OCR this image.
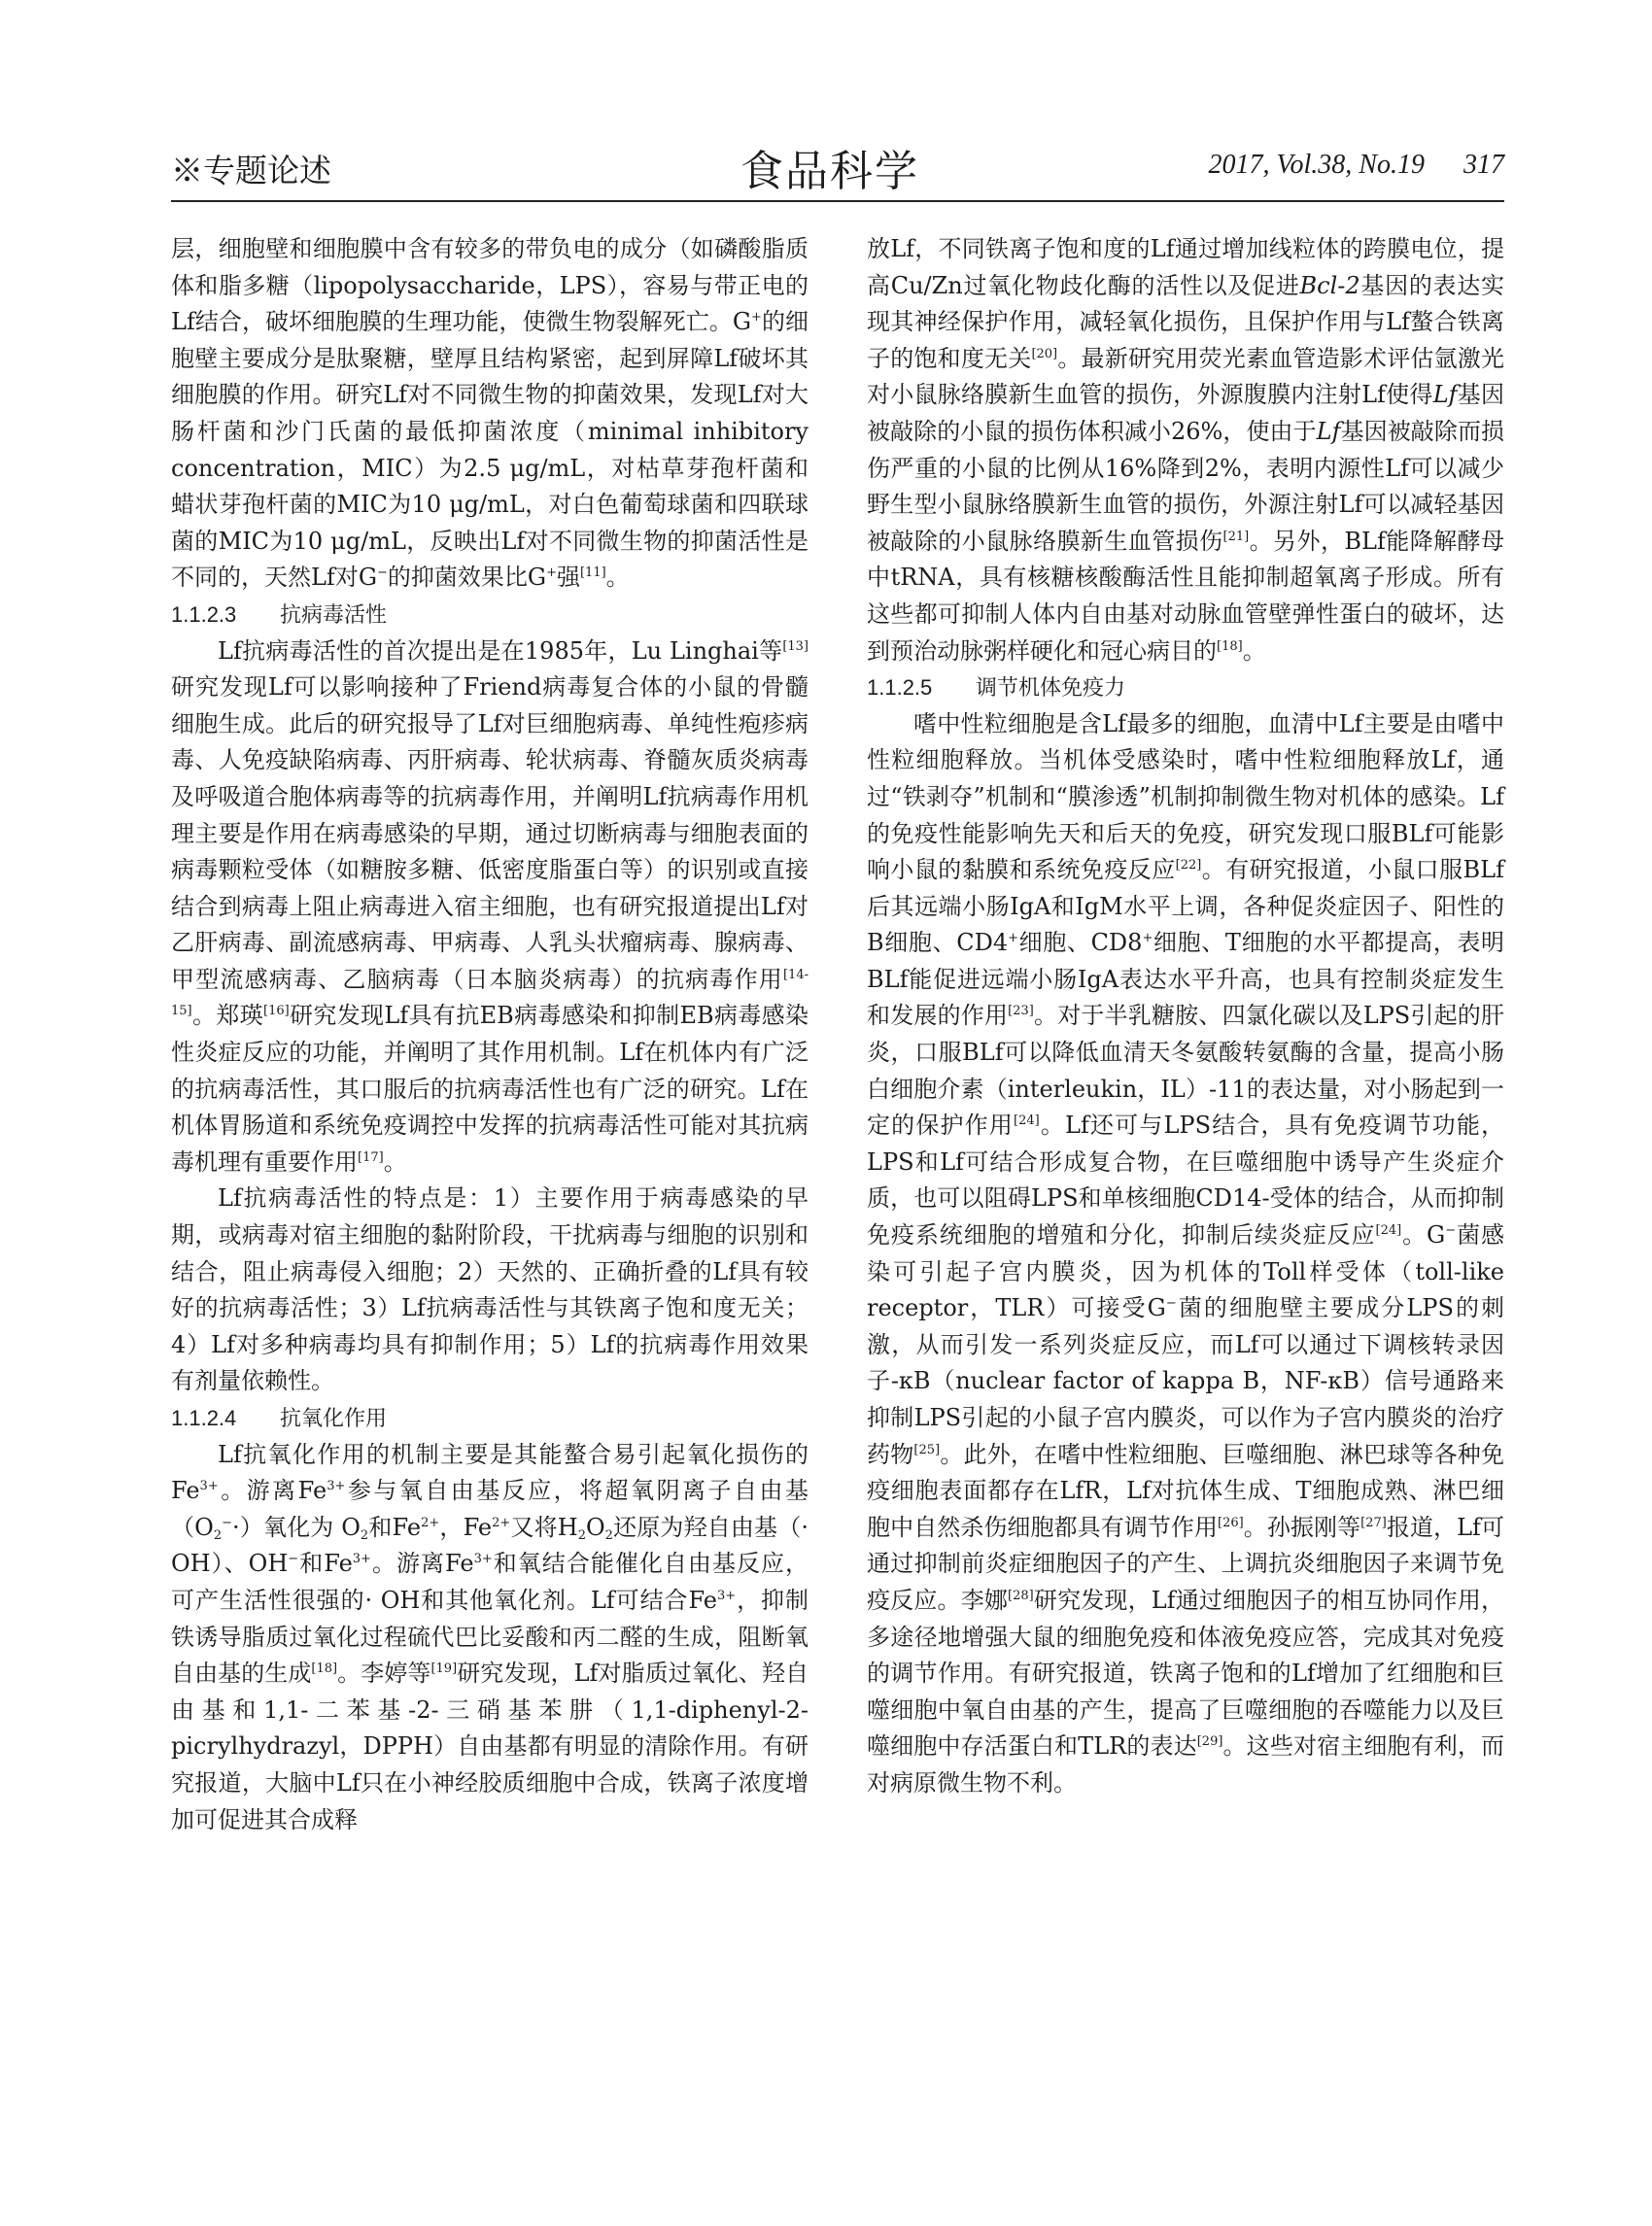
※专题论述	食品科学	2017, Vol.38, No.19 317

层，细胞壁和细胞膜中含有较多的带负电的成分（如磷酸脂质体和脂多糖（lipopolysaccharide，LPS），容易与带正电的Lf结合，破坏细胞膜的生理功能，使微生物裂解死亡。G+的细胞壁主要成分是肽聚糖，壁厚且结构紧密，起到屏障Lf破坏其细胞膜的作用。研究Lf对不同微生物的抑菌效果，发现Lf对大肠杆菌和沙门氏菌的最低抑菌浓度（minimal inhibitory concentration，MIC）为2.5 μg/mL，对枯草芽孢杆菌和蜡状芽孢杆菌的MIC为10 μg/mL，对白色葡萄球菌和四联球菌的MIC为10 μg/mL，反映出Lf对不同微生物的抑菌活性是不同的，天然Lf对G−的抑菌效果比G+强[11]。

1.1.2.3 抗病毒活性

Lf抗病毒活性的首次提出是在1985年，Lu Linghai等[13]研究发现Lf可以影响接种了Friend病毒复合体的小鼠的骨髓细胞生成。此后的研究报导了Lf对巨细胞病毒、单纯性疱疹病毒、人免疫缺陷病毒、丙肝病毒、轮状病毒、脊髓灰质炎病毒及呼吸道合胞体病毒等的抗病毒作用，并阐明Lf抗病毒作用机理主要是作用在病毒感染的早期，通过切断病毒与细胞表面的病毒颗粒受体（如糖胺多糖、低密度脂蛋白等）的识别或直接结合到病毒上阻止病毒进入宿主细胞，也有研究报道提出Lf对乙肝病毒、副流感病毒、甲病毒、人乳头状瘤病毒、腺病毒、甲型流感病毒、乙脑病毒（日本脑炎病毒）的抗病毒作用[14-15]。郑瑛[16]研究发现Lf具有抗EB病毒感染和抑制EB病毒感染性炎症反应的功能，并阐明了其作用机制。Lf在机体内有广泛的抗病毒活性，其口服后的抗病毒活性也有广泛的研究。Lf在机体胃肠道和系统免疫调控中发挥的抗病毒活性可能对其抗病毒机理有重要作用[17]。

Lf抗病毒活性的特点是：1）主要作用于病毒感染的早期，或病毒对宿主细胞的黏附阶段，干扰病毒与细胞的识别和结合，阻止病毒侵入细胞；2）天然的、正确折叠的Lf具有较好的抗病毒活性；3）Lf抗病毒活性与其铁离子饱和度无关；4）Lf对多种病毒均具有抑制作用；5）Lf的抗病毒作用效果有剂量依赖性。

1.1.2.4 抗氧化作用

Lf抗氧化作用的机制主要是其能螯合易引起氧化损伤的$Fe^{3+}$。游离$Fe^{3+}$参与氧自由基反应，将超氧阴离子自由基$(O_2^-\cdot)$氧化为 $O_2$和$Fe^{2+}$，$Fe^{2+}$又将$H_2O_2$还原为羟自由基（· OH）、OH−和$Fe^{3+}$。游离$Fe^{3+}$和氧结合能催化自由基反应，可产生活性很强的· OH和其他氧化剂。Lf可结合$Fe^{3+}$，抑制铁诱导脂质过氧化过程硫代巴比妥酸和丙二醛的生成，阻断氧自由基的生成[18]。李婷等[19]研究发现，Lf对脂质过氧化、羟自由基和1,1-二苯基-2-三硝基苯肼（1,1-diphenyl-2-picrylhydrazyl，DPPH）自由基都有明显的清除作用。有研究报道，大脑中Lf只在小神经胶质细胞中合成，铁离子浓度增加可促进其合成释

放Lf，不同铁离子饱和度的Lf通过增加线粒体的跨膜电位，提高Cu/Zn过氧化物歧化酶的活性以及促进Bcl-2基因的表达实现其神经保护作用，减轻氧化损伤，且保护作用与Lf螯合铁离子的饱和度无关[20]。最新研究用荧光素血管造影术评估氩激光对小鼠脉络膜新生血管的损伤，外源腹膜内注射Lf使得Lf基因被敲除的小鼠的损伤体积减小26%，使由于Lf基因被敲除而损伤严重的小鼠的比例从16%降到2%，表明内源性Lf可以减少野生型小鼠脉络膜新生血管的损伤，外源注射Lf可以减轻基因被敲除的小鼠脉络膜新生血管损伤[21]。另外，BLf能降解酵母中tRNA，具有核糖核酸酶活性且能抑制超氧离子形成。所有这些都可抑制人体内自由基对动脉血管壁弹性蛋白的破坏，达到预治动脉粥样硬化和冠心病目的[18]。

1.1.2.5 调节机体免疫力

嗜中性粒细胞是含Lf最多的细胞，血清中Lf主要是由嗜中性粒细胞释放。当机体受感染时，嗜中性粒细胞释放Lf，通过“铁剥夺”机制和“膜渗透”机制抑制微生物对机体的感染。Lf的免疫性能影响先天和后天的免疫，研究发现口服BLf可能影响小鼠的黏膜和系统免疫反应[22]。有研究报道，小鼠口服BLf后其远端小肠IgA和IgM水平上调，各种促炎症因子、阳性的B细胞、CD4+细胞、CD8+细胞、T细胞的水平都提高，表明BLf能促进远端小肠IgA表达水平升高，也具有控制炎症发生和发展的作用[23]。对于半乳糖胺、四氯化碳以及LPS引起的肝炎，口服BLf可以降低血清天冬氨酸转氨酶的含量，提高小肠白细胞介素（interleukin，IL）-11的表达量，对小肠起到一定的保护作用[24]。Lf还可与LPS结合，具有免疫调节功能，LPS和Lf可结合形成复合物，在巨噬细胞中诱导产生炎症介质，也可以阻碍LPS和单核细胞CD14-受体的结合，从而抑制免疫系统细胞的增殖和分化，抑制后续炎症反应[24]。G−菌感染可引起子宫内膜炎，因为机体的Toll样受体（toll-like receptor，TLR）可接受G−菌的细胞壁主要成分LPS的刺激，从而引发一系列炎症反应，而Lf可以通过下调核转录因子-κB（nuclear factor of kappa B，NF-κB）信号通路来抑制LPS引起的小鼠子宫内膜炎，可以作为子宫内膜炎的治疗药物[25]。此外，在嗜中性粒细胞、巨噬细胞、淋巴球等各种免疫细胞表面都存在LfR，Lf对抗体生成、T细胞成熟、淋巴细胞中自然杀伤细胞都具有调节作用[26]。孙振刚等[27]报道，Lf可通过抑制前炎症细胞因子的产生、上调抗炎细胞因子来调节免疫反应。李娜[28]研究发现，Lf通过细胞因子的相互协同作用，多途径地增强大鼠的细胞免疫和体液免疫应答，完成其对免疫的调节作用。有研究报道，铁离子饱和的Lf增加了红细胞和巨噬细胞中氧自由基的产生，提高了巨噬细胞的吞噬能力以及巨噬细胞中存活蛋白和TLR的表达[29]。这些对宿主细胞有利，而对病原微生物不利。
